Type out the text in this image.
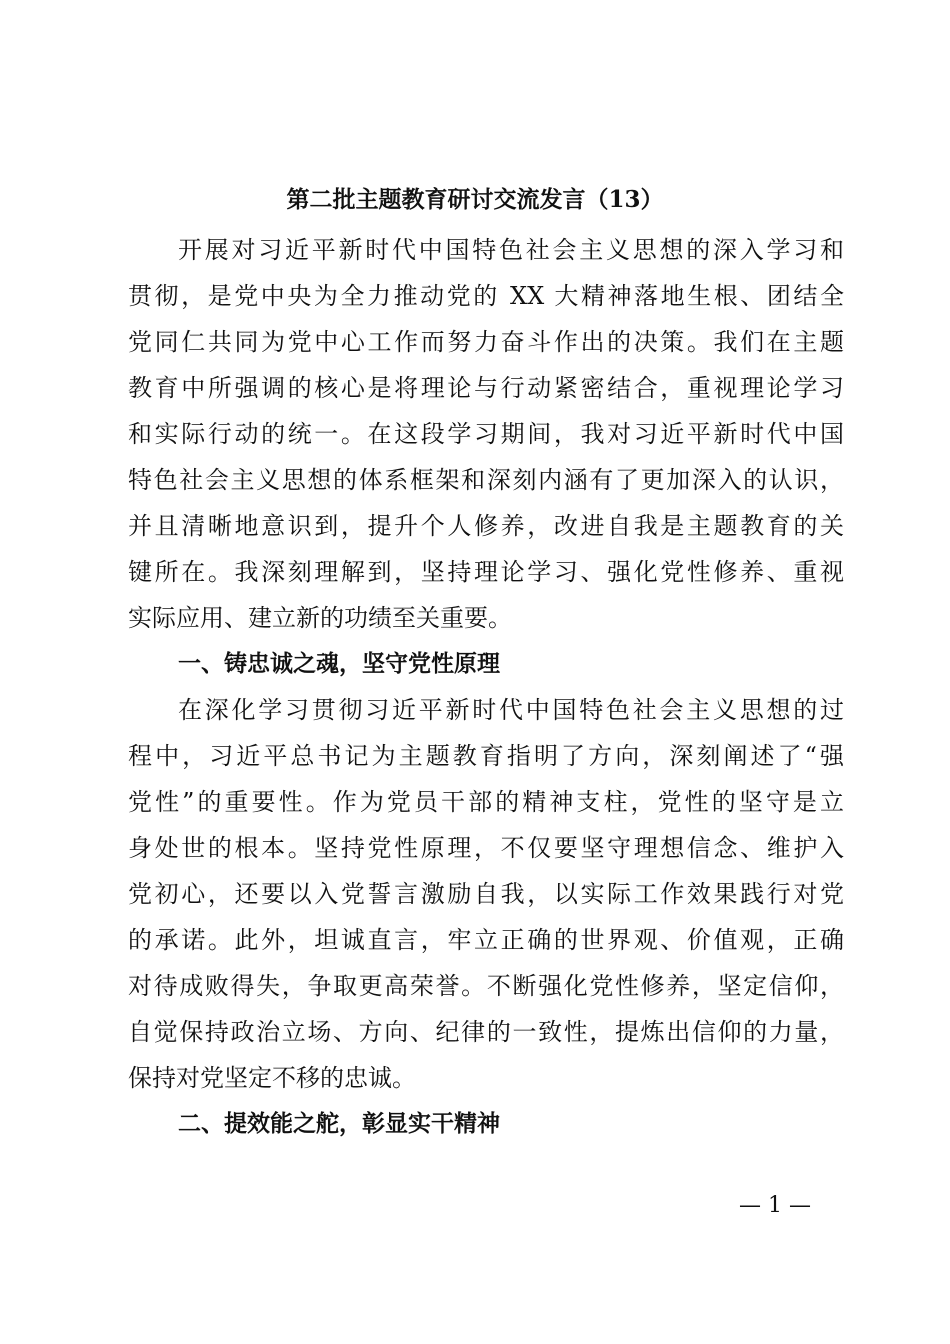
第二批主题教育研讨交流发言（13）

开展对习近平新时代中国特色社会主义思想的深入学习和

贯彻，是党中央为全力推动党的 XX 大精神落地生根、团结全

党同仁共同为党中心工作而努力奋斗作出的决策。我们在主题

教育中所强调的核心是将理论与行动紧密结合，重视理论学习

和实际行动的统一。在这段学习期间，我对习近平新时代中国

特色社会主义思想的体系框架和深刻内涵有了更加深入的认识，

并且清晰地意识到，提升个人修养，改进自我是主题教育的关

键所在。我深刻理解到，坚持理论学习、强化党性修养、重视

实际应用、建立新的功绩至关重要。

一、铸忠诚之魂，坚守党性原理

在深化学习贯彻习近平新时代中国特色社会主义思想的过

程中，习近平总书记为主题教育指明了方向，深刻阐述了“强

党性”的重要性。作为党员干部的精神支柱，党性的坚守是立

身处世的根本。坚持党性原理，不仅要坚守理想信念、维护入

党初心，还要以入党誓言激励自我，以实际工作效果践行对党

的承诺。此外，坦诚直言，牢立正确的世界观、价值观，正确

对待成败得失，争取更高荣誉。不断强化党性修养，坚定信仰，

自觉保持政治立场、方向、纪律的一致性，提炼出信仰的力量，

保持对党坚定不移的忠诚。

二、提效能之舵，彰显实干精神
— 1 —
